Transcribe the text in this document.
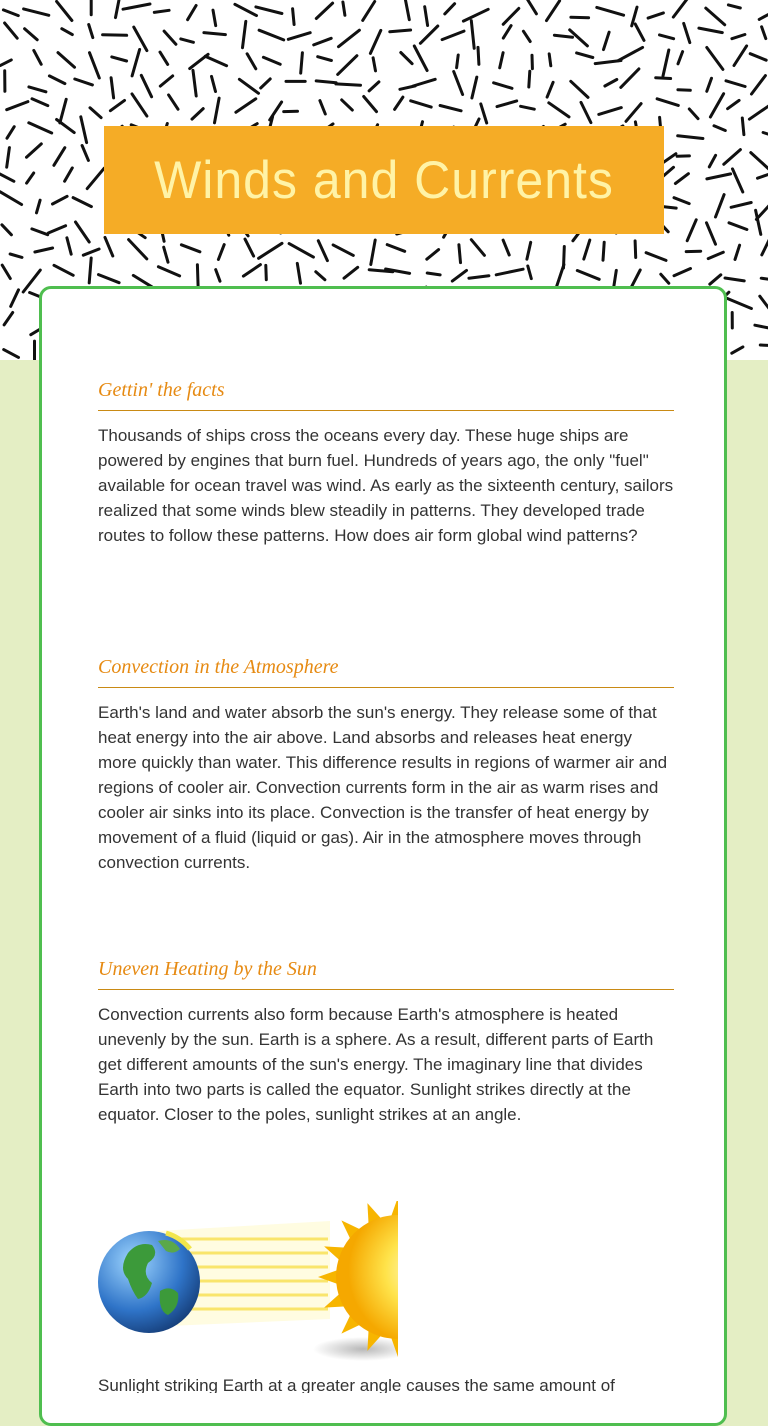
Winds and Currents
Gettin' the facts

Thousands of ships cross the oceans every day. These huge ships are powered by engines that burn fuel. Hundreds of years ago, the only "fuel" available for ocean travel was wind. As early as the sixteenth century, sailors realized that some winds blew steadily in patterns. They developed trade routes to follow these patterns. How does air form global wind patterns?

Convection in the Atmosphere

Earth's land and water absorb the sun's energy. They release some of that heat energy into the air above. Land absorbs and releases heat energy more quickly than water. This difference results in regions of warmer air and regions of cooler air. Convection currents form in the air as warm rises and cooler air sinks into its place. Convection is the transfer of heat energy by movement of a fluid (liquid or gas). Air in the atmosphere moves through convection currents.

Uneven Heating by the Sun

Convection currents also form because Earth's atmosphere is heated unevenly by the sun. Earth is a sphere. As a result, different parts of Earth get different amounts of the sun's energy. The imaginary line that divides Earth into two parts is called the equator. Sunlight strikes directly at the equator. Closer to the poles, sunlight strikes at an angle.

Sunlight striking Earth at a greater angle causes the same amount of
